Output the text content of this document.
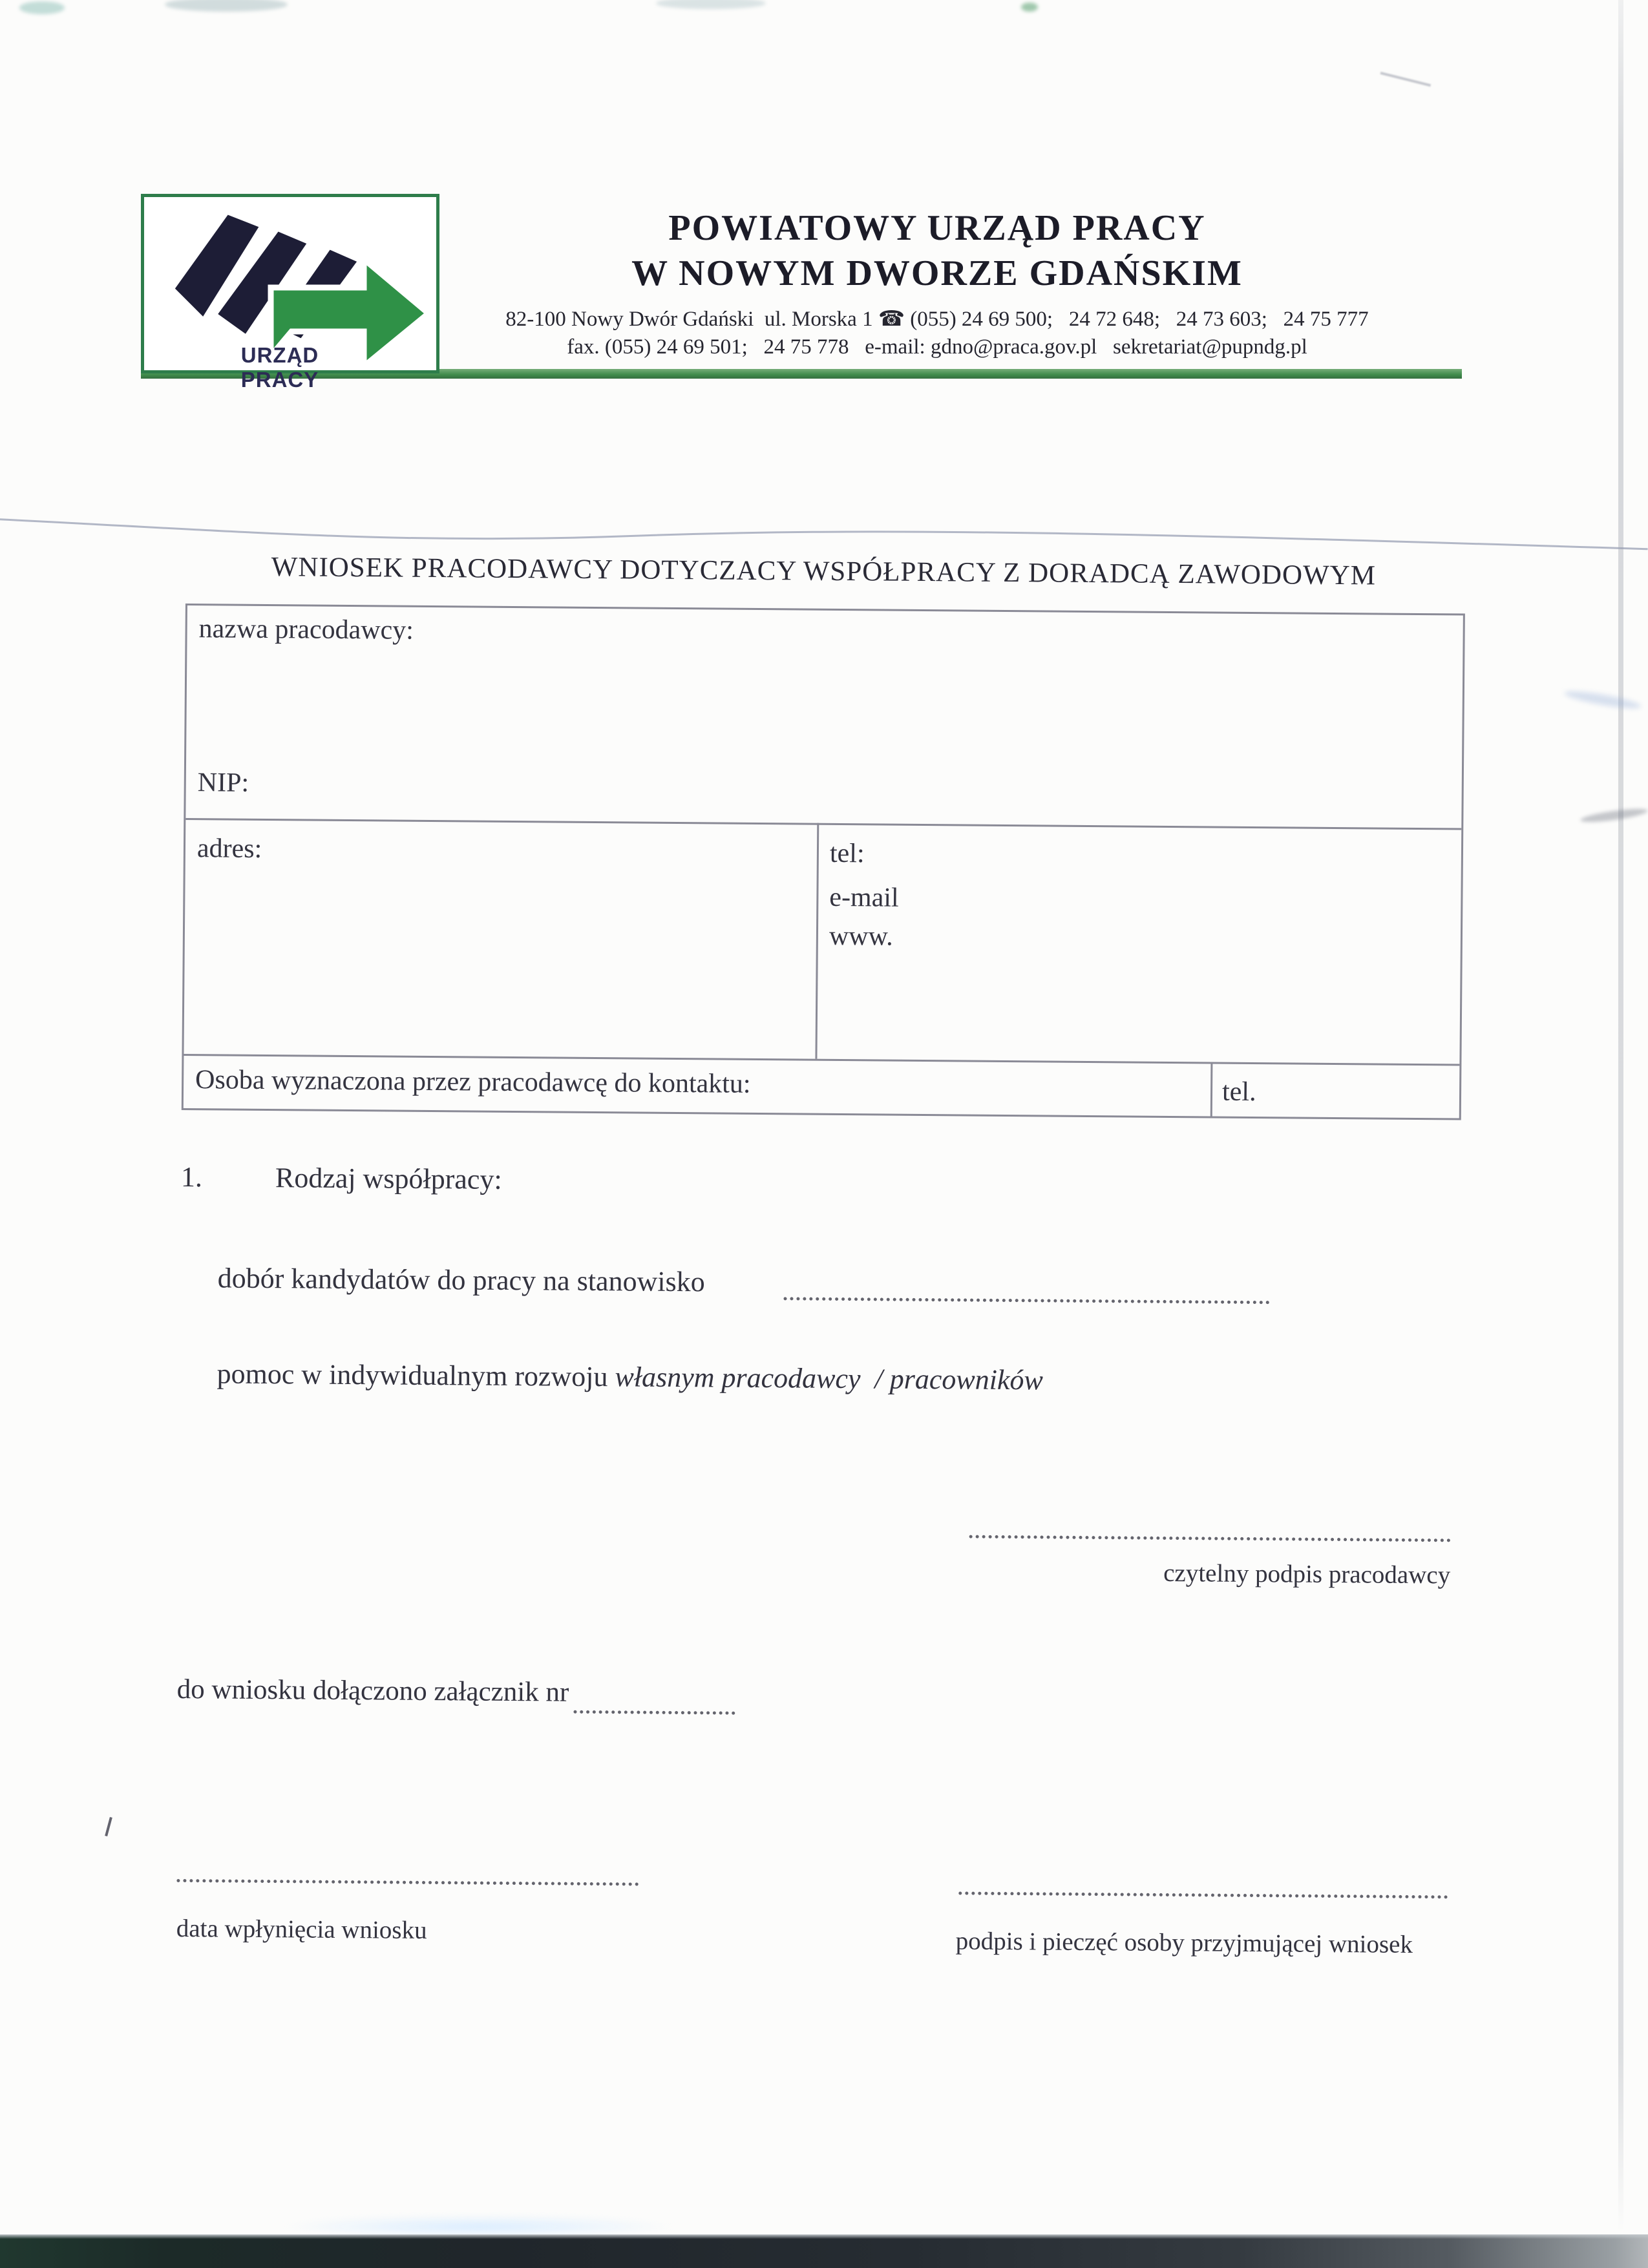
URZĄD PRACY
POWIATOWY URZĄD PRACY
W NOWYM DWORZE GDAŃSKIM
82-100 Nowy Dwór Gdański  ul. Morska 1 ☎ (055) 24 69 500;   24 72 648;   24 73 603;   24 75 777
fax. (055) 24 69 501;   24 75 778   e-mail: gdno@praca.gov.pl   sekretariat@pupndg.pl
WNIOSEK PRACODAWCY DOTYCZACY WSPÓŁPRACY Z DORADCĄ ZAWODOWYM
nazwa pracodawcy:
NIP:
adres:	tel:
e-mail
www.
Osoba wyznaczona przez pracodawcę do kontaktu:	tel.
1.	Rodzaj współpracy:
dobór kandydatów do pracy na stanowisko
pomoc w indywidualnym rozwoju własnym pracodawcy  / pracowników
czytelny podpis pracodawcy
do wniosku dołączono załącznik nr
data wpłynięcia wniosku	podpis i pieczęć osoby przyjmującej wniosek
